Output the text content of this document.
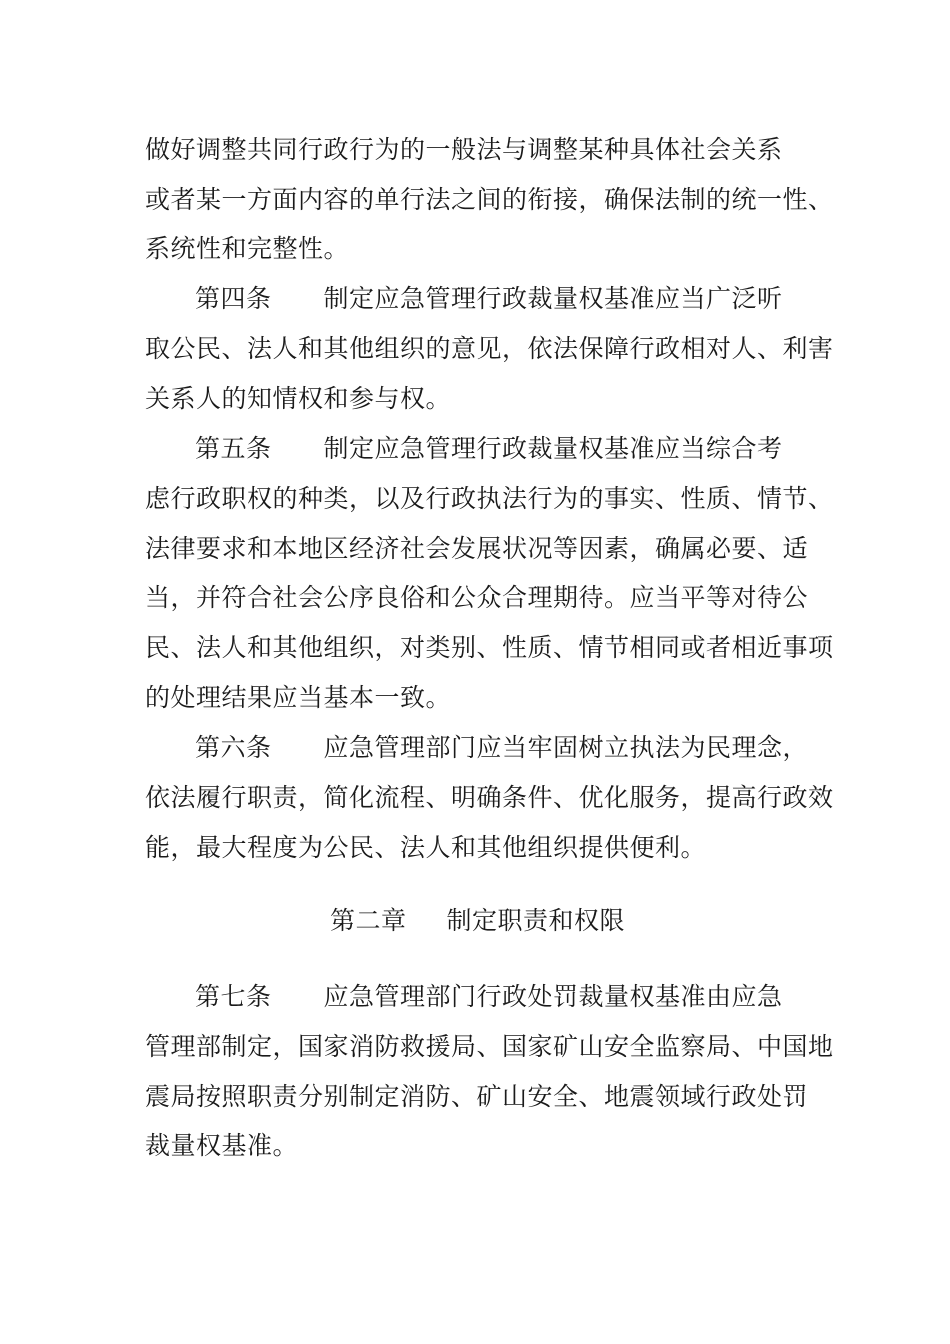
做好调整共同行政行为的一般法与调整某种具体社会关系
或者某一方面内容的单行法之间的衔接，确保法制的统一性、
系统性和完整性。
第四条 制定应急管理行政裁量权基准应当广泛听
取公民、法人和其他组织的意见，依法保障行政相对人、利害
关系人的知情权和参与权。
第五条 制定应急管理行政裁量权基准应当综合考
虑行政职权的种类，以及行政执法行为的事实、性质、情节、
法律要求和本地区经济社会发展状况等因素，确属必要、适
当，并符合社会公序良俗和公众合理期待。应当平等对待公
民、法人和其他组织，对类别、性质、情节相同或者相近事项
的处理结果应当基本一致。
第六条 应急管理部门应当牢固树立执法为民理念，
依法履行职责，简化流程、明确条件、优化服务，提高行政效
能，最大程度为公民、法人和其他组织提供便利。
第二章 制定职责和权限
第七条 应急管理部门行政处罚裁量权基准由应急
管理部制定，国家消防救援局、国家矿山安全监察局、中国地
震局按照职责分别制定消防、矿山安全、地震领域行政处罚
裁量权基准。
